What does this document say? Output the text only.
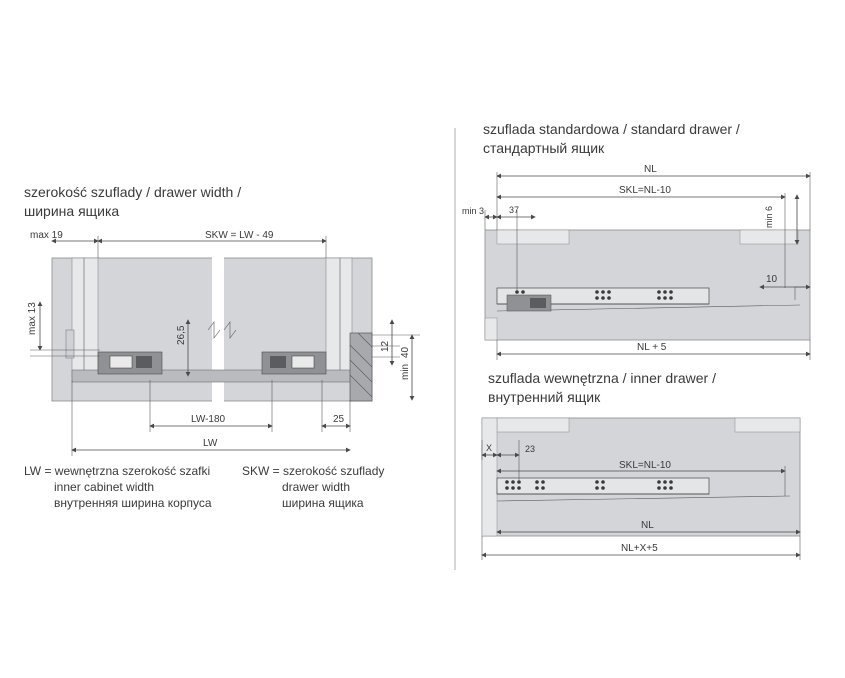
szerokość szuflady / drawer width /
ширина ящика
szuflada standardowa / standard drawer /
стандартный ящик
szuflada wewnętrzna / inner drawer /
внутренний ящик
LW = wewnętrzna szerokość szafki
inner cabinet width
внутренняя ширина корпуса
SKW = szerokość szuflady
drawer width
ширина ящика
max 19	SKW = LW - 49
max 13
26,5
12
40
min
LW-180	25
LW
NL
SKL=NL-10
min 3	37	min 6
10
NL + 5
X	23
SKL=NL-10
NL
NL+X+5
